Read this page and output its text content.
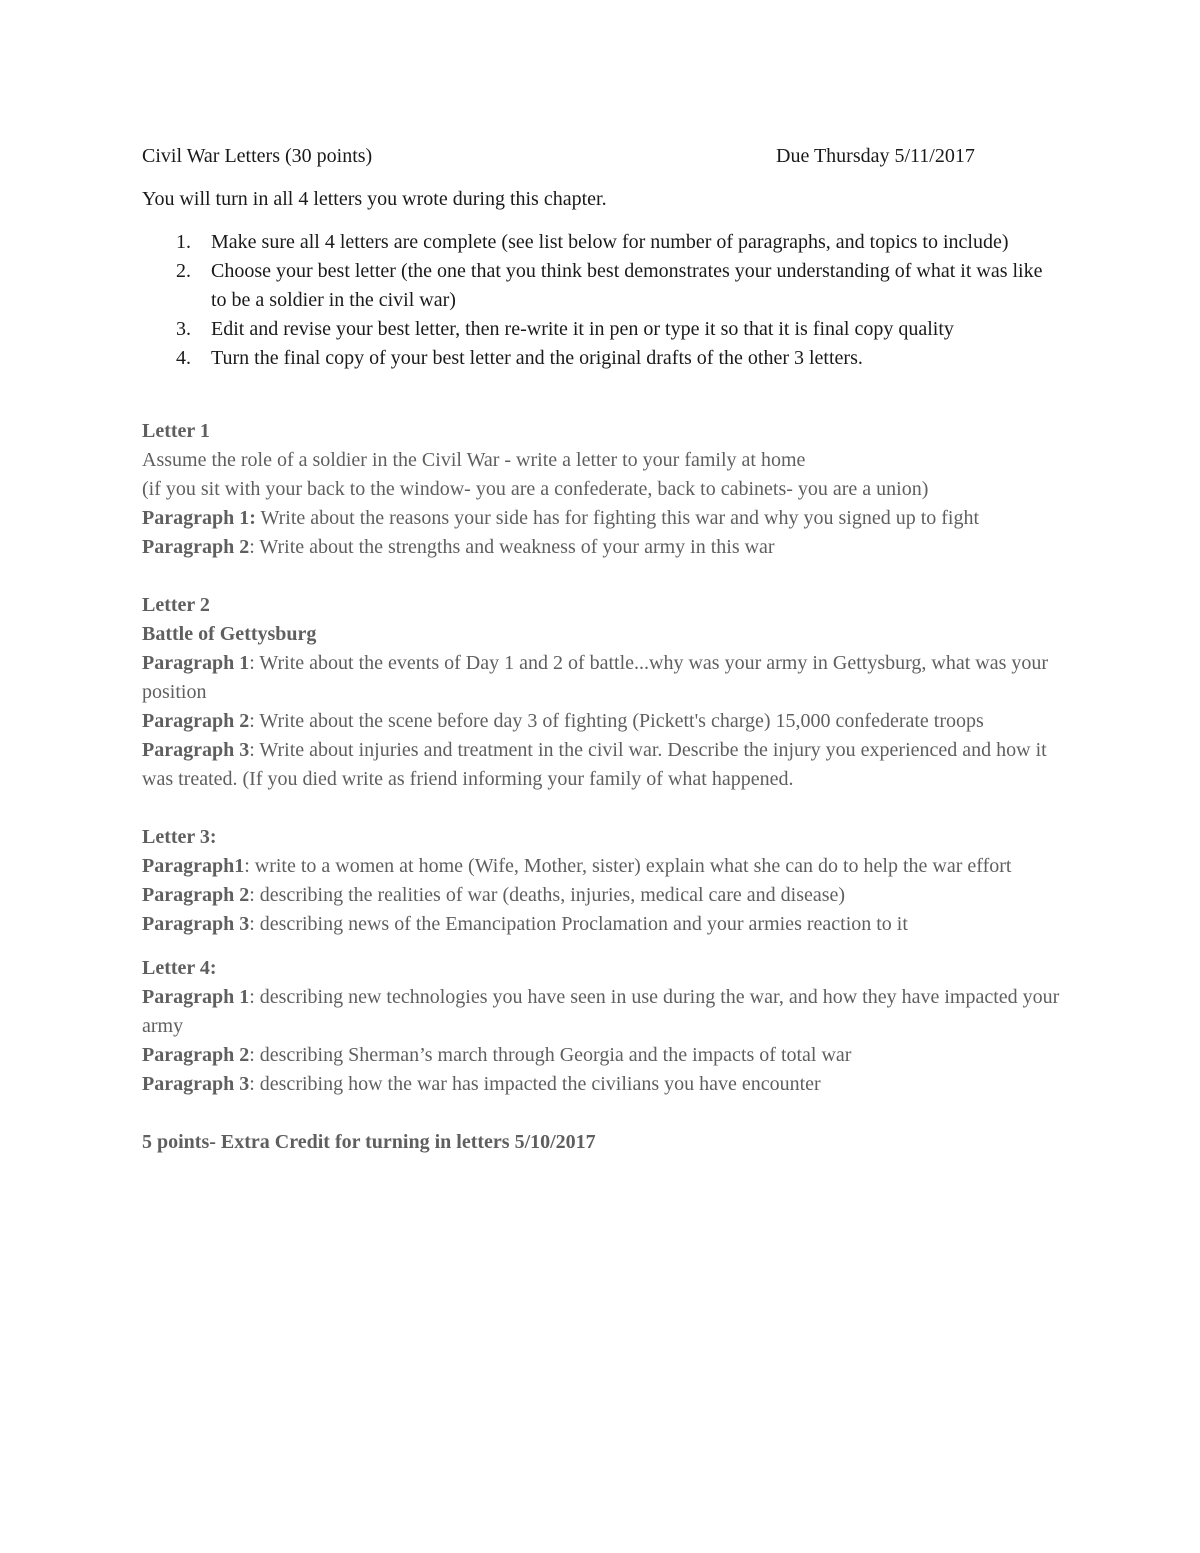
Civil War Letters (30 points)	Due Thursday 5/11/2017
You will turn in all 4 letters you wrote during this chapter.
1. Make sure all 4 letters are complete (see list below for number of paragraphs, and topics to include)
2. Choose your best letter (the one that you think best demonstrates your understanding of what it was like to be a soldier in the civil war)
3. Edit and revise your best letter, then re-write it in pen or type it so that it is final copy quality
4. Turn the final copy of your best letter and the original drafts of the other 3 letters.
Letter 1
Assume the role of a soldier in the Civil War - write a letter to your family at home
(if you sit with your back to the window- you are a confederate, back to cabinets- you are a union)
Paragraph 1: Write about the reasons your side has for fighting this war and why you signed up to fight
Paragraph 2: Write about the strengths and weakness of your army in this war
Letter 2
Battle of Gettysburg
Paragraph 1: Write about the events of Day 1 and 2 of battle...why was your army in Gettysburg, what was your position
Paragraph 2: Write about the scene before day 3 of fighting (Pickett's charge) 15,000 confederate troops
Paragraph 3: Write about injuries and treatment in the civil war. Describe the injury you experienced and how it was treated. (If you died write as friend informing your family of what happened.
Letter 3:
Paragraph1: write to a women at home (Wife, Mother, sister) explain what she can do to help the war effort
Paragraph 2: describing the realities of war (deaths, injuries, medical care and disease)
Paragraph 3: describing news of the Emancipation Proclamation and your armies reaction to it
Letter 4:
Paragraph 1: describing new technologies you have seen in use during the war, and how they have impacted your army
Paragraph 2: describing Sherman’s march through Georgia and the impacts of total war
Paragraph 3: describing how the war has impacted the civilians you have encounter
5 points- Extra Credit for turning in letters 5/10/2017
